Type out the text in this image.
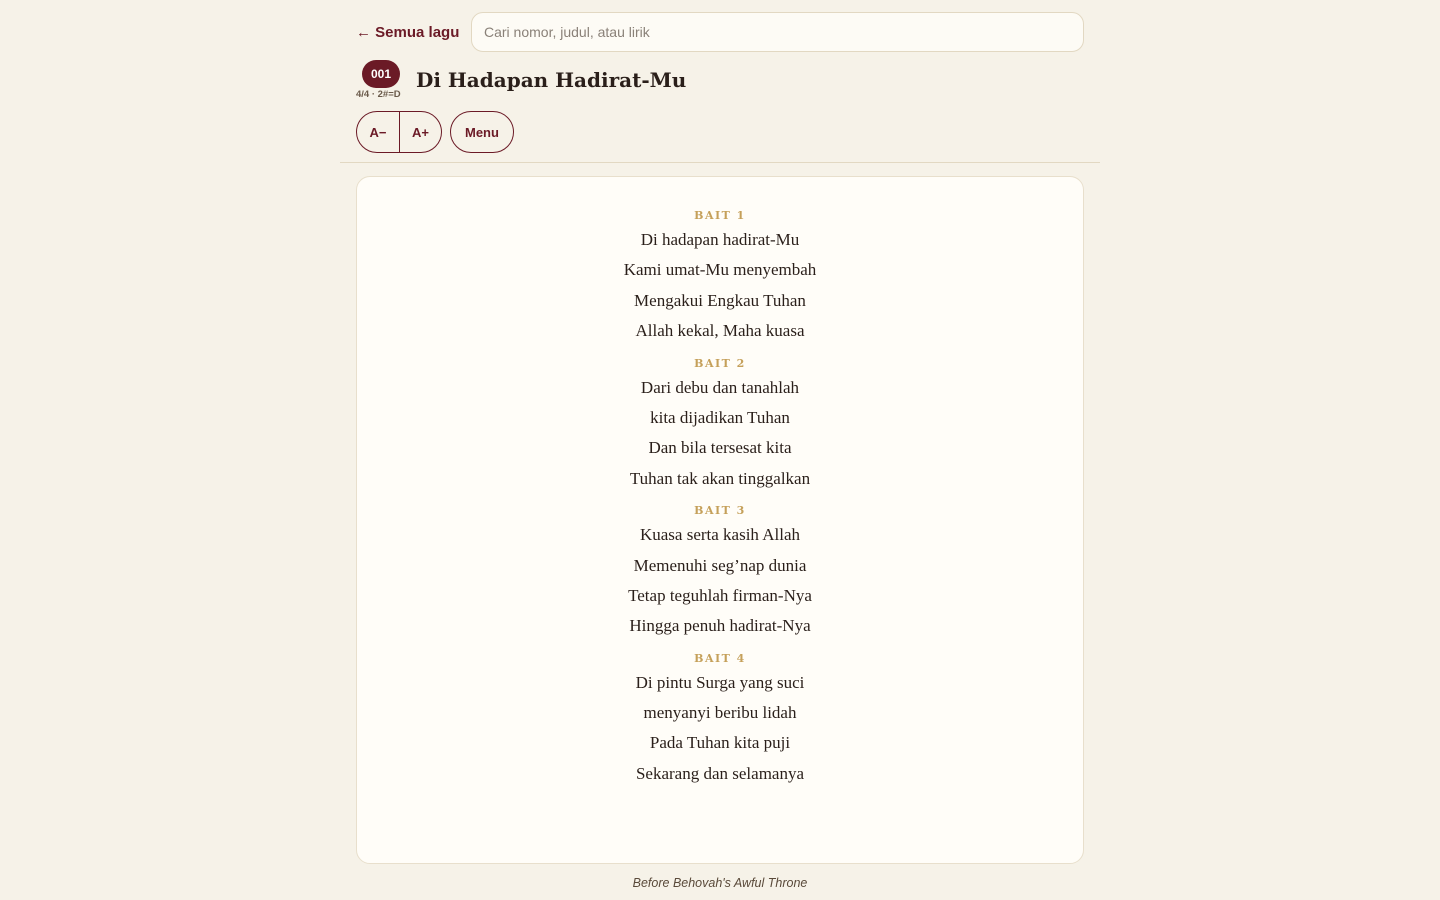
← Semua lagu
Cari nomor, judul, atau lirik
001
4/4 · 2#=D
Di Hadapan Hadirat-Mu
A−	A+	Menu
BAIT 1
Di hadapan hadirat-Mu
Kami umat-Mu menyembah
Mengakui Engkau Tuhan
Allah kekal, Maha kuasa
BAIT 2
Dari debu dan tanahlah
kita dijadikan Tuhan
Dan bila tersesat kita
Tuhan tak akan tinggalkan
BAIT 3
Kuasa serta kasih Allah
Memenuhi seg’nap dunia
Tetap teguhlah firman-Nya
Hingga penuh hadirat-Nya
BAIT 4
Di pintu Surga yang suci
menyanyi beribu lidah
Pada Tuhan kita puji
Sekarang dan selamanya
Before Behovah's Awful Throne
